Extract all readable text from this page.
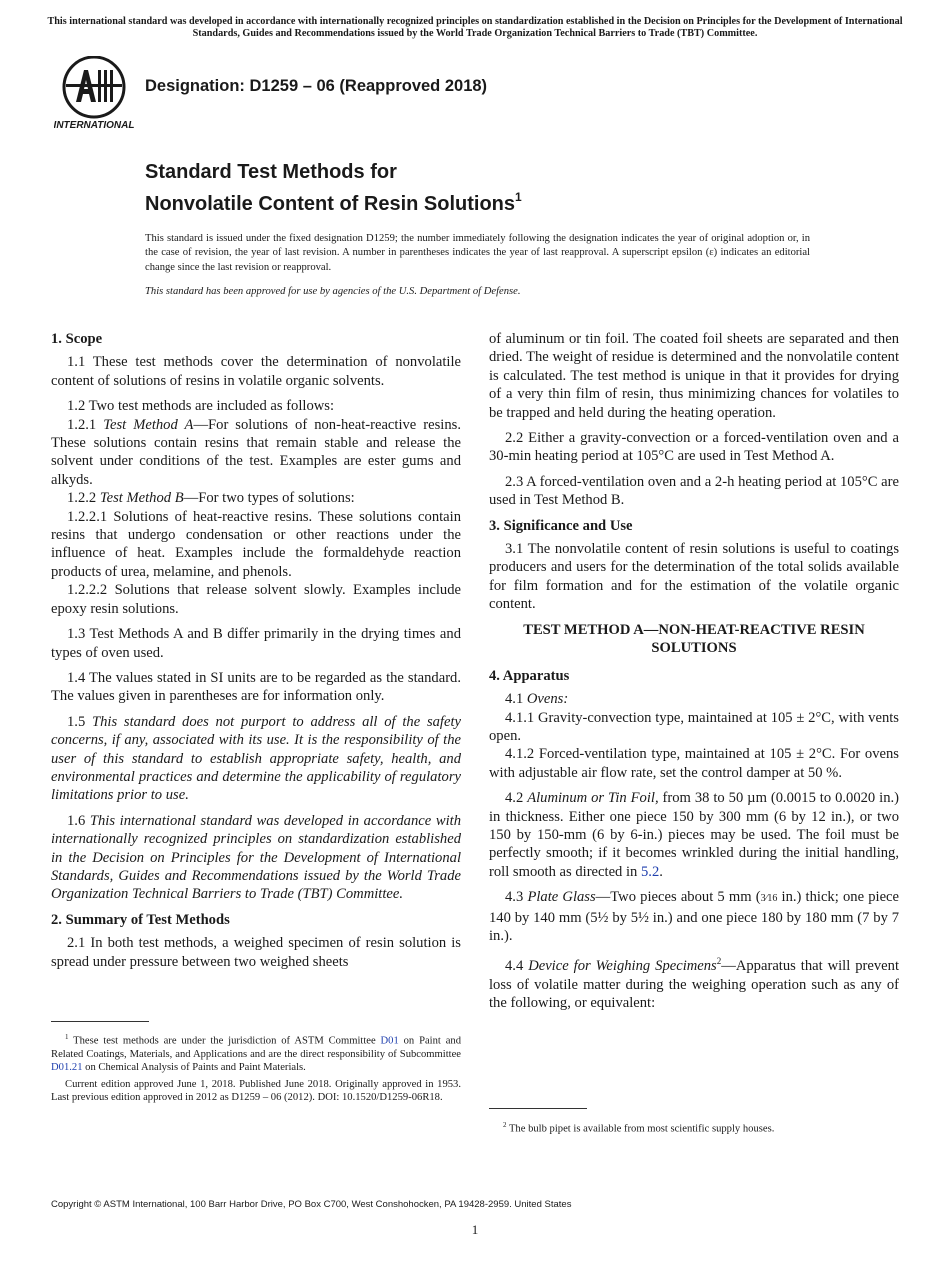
This international standard was developed in accordance with internationally recognized principles on standardization established in the Decision on Principles for the Development of International Standards, Guides and Recommendations issued by the World Trade Organization Technical Barriers to Trade (TBT) Committee.
INTERNATIONAL
Designation: D1259 – 06 (Reapproved 2018)
Standard Test Methods for
Nonvolatile Content of Resin Solutions$^1$
This standard is issued under the fixed designation D1259; the number immediately following the designation indicates the year of original adoption or, in the case of revision, the year of last revision. A number in parentheses indicates the year of last reapproval. A superscript epsilon (ε) indicates an editorial change since the last revision or reapproval.
This standard has been approved for use by agencies of the U.S. Department of Defense.
1. Scope

1.1 These test methods cover the determination of nonvolatile content of solutions of resins in volatile organic solvents.

1.2 Two test methods are included as follows:

1.2.1 Test Method A—For solutions of non-heat-reactive resins. These solutions contain resins that remain stable and release the solvent under conditions of the test. Examples are ester gums and alkyds.

1.2.2 Test Method B—For two types of solutions:

1.2.2.1 Solutions of heat-reactive resins. These solutions contain resins that undergo condensation or other reactions under the influence of heat. Examples include the formaldehyde reaction products of urea, melamine, and phenols.

1.2.2.2 Solutions that release solvent slowly. Examples include epoxy resin solutions.

1.3 Test Methods A and B differ primarily in the drying times and types of oven used.

1.4 The values stated in SI units are to be regarded as the standard. The values given in parentheses are for information only.

1.5 This standard does not purport to address all of the safety concerns, if any, associated with its use. It is the responsibility of the user of this standard to establish appropriate safety, health, and environmental practices and determine the applicability of regulatory limitations prior to use.

1.6 This international standard was developed in accordance with internationally recognized principles on standardization established in the Decision on Principles for the Development of International Standards, Guides and Recommendations issued by the World Trade Organization Technical Barriers to Trade (TBT) Committee.

2. Summary of Test Methods

2.1 In both test methods, a weighed specimen of resin solution is spread under pressure between two weighed sheets

of aluminum or tin foil. The coated foil sheets are separated and then dried. The weight of residue is determined and the nonvolatile content is calculated. The test method is unique in that it provides for drying of a very thin film of resin, thus minimizing chances for volatiles to be trapped and held during the heating operation.

2.2 Either a gravity-convection or a forced-ventilation oven and a 30-min heating period at 105°C are used in Test Method A.

2.3 A forced-ventilation oven and a 2-h heating period at 105°C are used in Test Method B.

3. Significance and Use

3.1 The nonvolatile content of resin solutions is useful to coatings producers and users for the determination of the total solids available for film formation and for the estimation of the volatile organic content.

TEST METHOD A—NON-HEAT-REACTIVE RESIN SOLUTIONS
4. Apparatus

4.1 Ovens:

4.1.1 Gravity-convection type, maintained at 105 ± 2°C, with vents open.

4.1.2 Forced-ventilation type, maintained at 105 ± 2°C. For ovens with adjustable air flow rate, set the control damper at 50 %.

4.2 Aluminum or Tin Foil, from 38 to 50 µm (0.0015 to 0.0020 in.) in thickness. Either one piece 150 by 300 mm (6 by 12 in.), or two 150 by 150-mm (6 by 6-in.) pieces may be used. The foil must be perfectly smooth; if it becomes wrinkled during the initial handling, roll smooth as directed in 5.2.

4.3 Plate Glass—Two pieces about 5 mm (3⁄16 in.) thick; one piece 140 by 140 mm (5½ by 5½ in.) and one piece 180 by 180 mm (7 by 7 in.).

4.4 Device for Weighing Specimens$^2$—Apparatus that will prevent loss of volatile matter during the weighing operation such as any of the following, or equivalent:

$^1$ These test methods are under the jurisdiction of ASTM Committee D01 on Paint and Related Coatings, Materials, and Applications and are the direct responsibility of Subcommittee D01.21 on Chemical Analysis of Paints and Paint Materials.

Current edition approved June 1, 2018. Published June 2018. Originally approved in 1953. Last previous edition approved in 2012 as D1259 – 06 (2012). DOI: 10.1520/D1259-06R18.

$^2$ The bulb pipet is available from most scientific supply houses.

Copyright © ASTM International, 100 Barr Harbor Drive, PO Box C700, West Conshohocken, PA 19428-2959. United States
1
